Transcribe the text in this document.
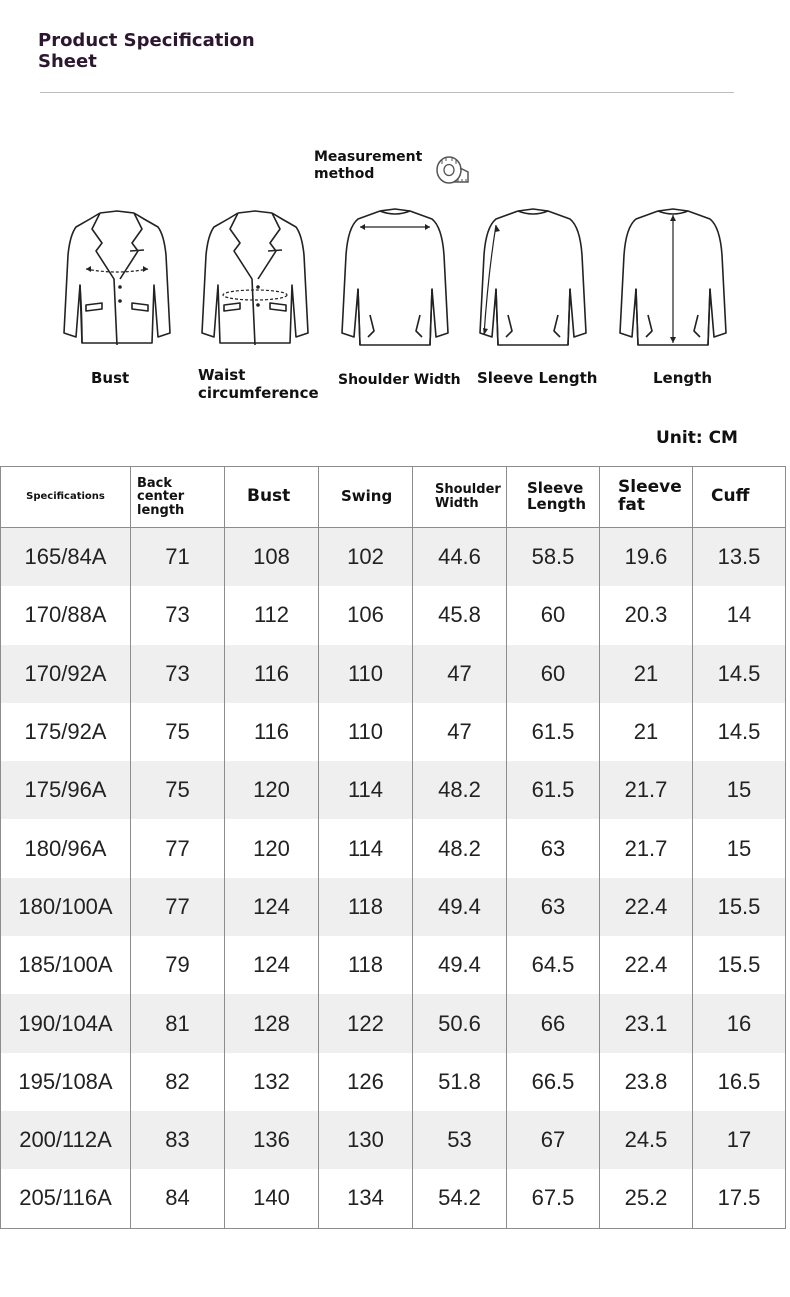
Product Specification Sheet
Measurement method
Bust	Waist circumference
Shoulder Width Sleeve Length	Length
Unit: CM
Specifications	Back center length	Bust	Swing	Shoulder Width	Sleeve Length	Sleeve fat	Cuff
165/84A	71	108	102	44.6	58.5	19.6	13.5
170/88A	73	112	106	45.8	60	20.3	14
170/92A	73	116	110	47	60	21	14.5
175/92A	75	116	110	47	61.5	21	14.5
175/96A	75	120	114	48.2	61.5	21.7	15
180/96A	77	120	114	48.2	63	21.7	15
180/100A	77	124	118	49.4	63	22.4	15.5
185/100A	79	124	118	49.4	64.5	22.4	15.5
190/104A	81	128	122	50.6	66	23.1	16
195/108A	82	132	126	51.8	66.5	23.8	16.5
200/112A	83	136	130	53	67	24.5	17
205/116A	84	140	134	54.2	67.5	25.2	17.5
